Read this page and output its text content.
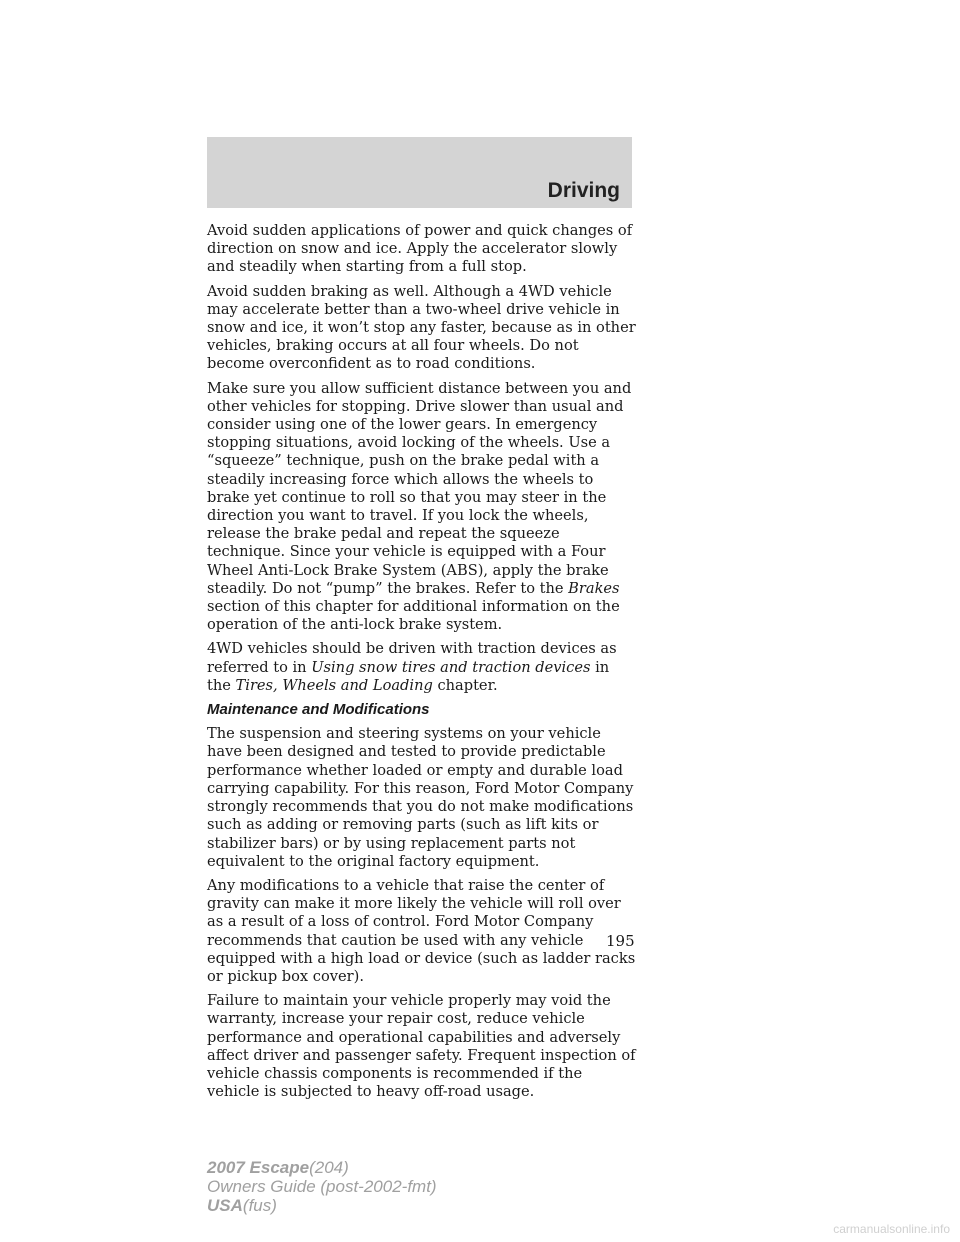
Driving

Avoid sudden applications of power and quick changes of direction on snow and ice. Apply the accelerator slowly and steadily when starting from a full stop.

Avoid sudden braking as well. Although a 4WD vehicle may accelerate better than a two-wheel drive vehicle in snow and ice, it won’t stop any faster, because as in other vehicles, braking occurs at all four wheels. Do not become overconfident as to road conditions.

Make sure you allow sufficient distance between you and other vehicles for stopping. Drive slower than usual and consider using one of the lower gears. In emergency stopping situations, avoid locking of the wheels. Use a “squeeze” technique, push on the brake pedal with a steadily increasing force which allows the wheels to brake yet continue to roll so that you may steer in the direction you want to travel. If you lock the wheels, release the brake pedal and repeat the squeeze technique. Since your vehicle is equipped with a Four Wheel Anti-Lock Brake System (ABS), apply the brake steadily. Do not “pump” the brakes. Refer to the Brakes section of this chapter for additional information on the operation of the anti-lock brake system.

4WD vehicles should be driven with traction devices as referred to in Using snow tires and traction devices in the Tires, Wheels and Loading chapter.

Maintenance and Modifications

The suspension and steering systems on your vehicle have been designed and tested to provide predictable performance whether loaded or empty and durable load carrying capability. For this reason, Ford Motor Company strongly recommends that you do not make modifications such as adding or removing parts (such as lift kits or stabilizer bars) or by using replacement parts not equivalent to the original factory equipment.

Any modifications to a vehicle that raise the center of gravity can make it more likely the vehicle will roll over as a result of a loss of control. Ford Motor Company recommends that caution be used with any vehicle equipped with a high load or device (such as ladder racks or pickup box cover).

Failure to maintain your vehicle properly may void the warranty, increase your repair cost, reduce vehicle performance and operational capabilities and adversely affect driver and passenger safety. Frequent inspection of vehicle chassis components is recommended if the vehicle is subjected to heavy off-road usage.

195
2007 Escape(204)
Owners Guide (post-2002-fmt)
USA(fus)
carmanualsonline.info
